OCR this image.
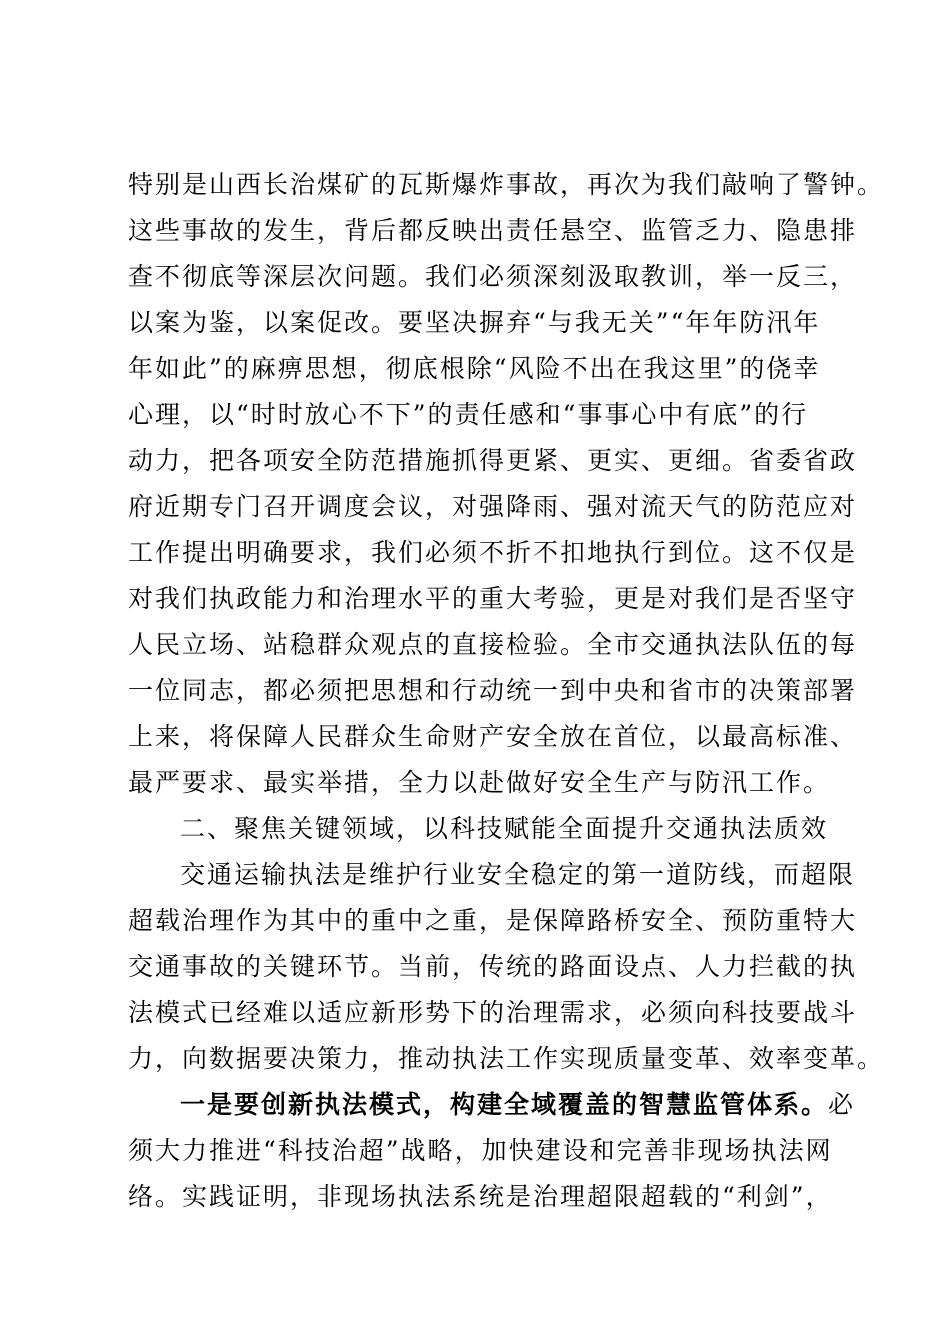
特别是山西长治煤矿的瓦斯爆炸事故，再次为我们敲响了警钟。
这些事故的发生，背后都反映出责任悬空、监管乏力、隐患排
查不彻底等深层次问题。我们必须深刻汲取教训，举一反三，
以案为鉴，以案促改。要坚决摒弃“与我无关”“年年防汛年
年如此”的麻痹思想，彻底根除“风险不出在我这里”的侥幸
心理，以“时时放心不下”的责任感和“事事心中有底”的行
动力，把各项安全防范措施抓得更紧、更实、更细。省委省政
府近期专门召开调度会议，对强降雨、强对流天气的防范应对
工作提出明确要求，我们必须不折不扣地执行到位。这不仅是
对我们执政能力和治理水平的重大考验，更是对我们是否坚守
人民立场、站稳群众观点的直接检验。全市交通执法队伍的每
一位同志，都必须把思想和行动统一到中央和省市的决策部署
上来，将保障人民群众生命财产安全放在首位，以最高标准、
最严要求、最实举措，全力以赴做好安全生产与防汛工作。
二、聚焦关键领域，以科技赋能全面提升交通执法质效
交通运输执法是维护行业安全稳定的第一道防线，而超限
超载治理作为其中的重中之重，是保障路桥安全、预防重特大
交通事故的关键环节。当前，传统的路面设点、人力拦截的执
法模式已经难以适应新形势下的治理需求，必须向科技要战斗
力，向数据要决策力，推动执法工作实现质量变革、效率变革。
一是要创新执法模式，构建全域覆盖的智慧监管体系。必
须大力推进“科技治超”战略，加快建设和完善非现场执法网
络。实践证明，非现场执法系统是治理超限超载的“利剑”，
